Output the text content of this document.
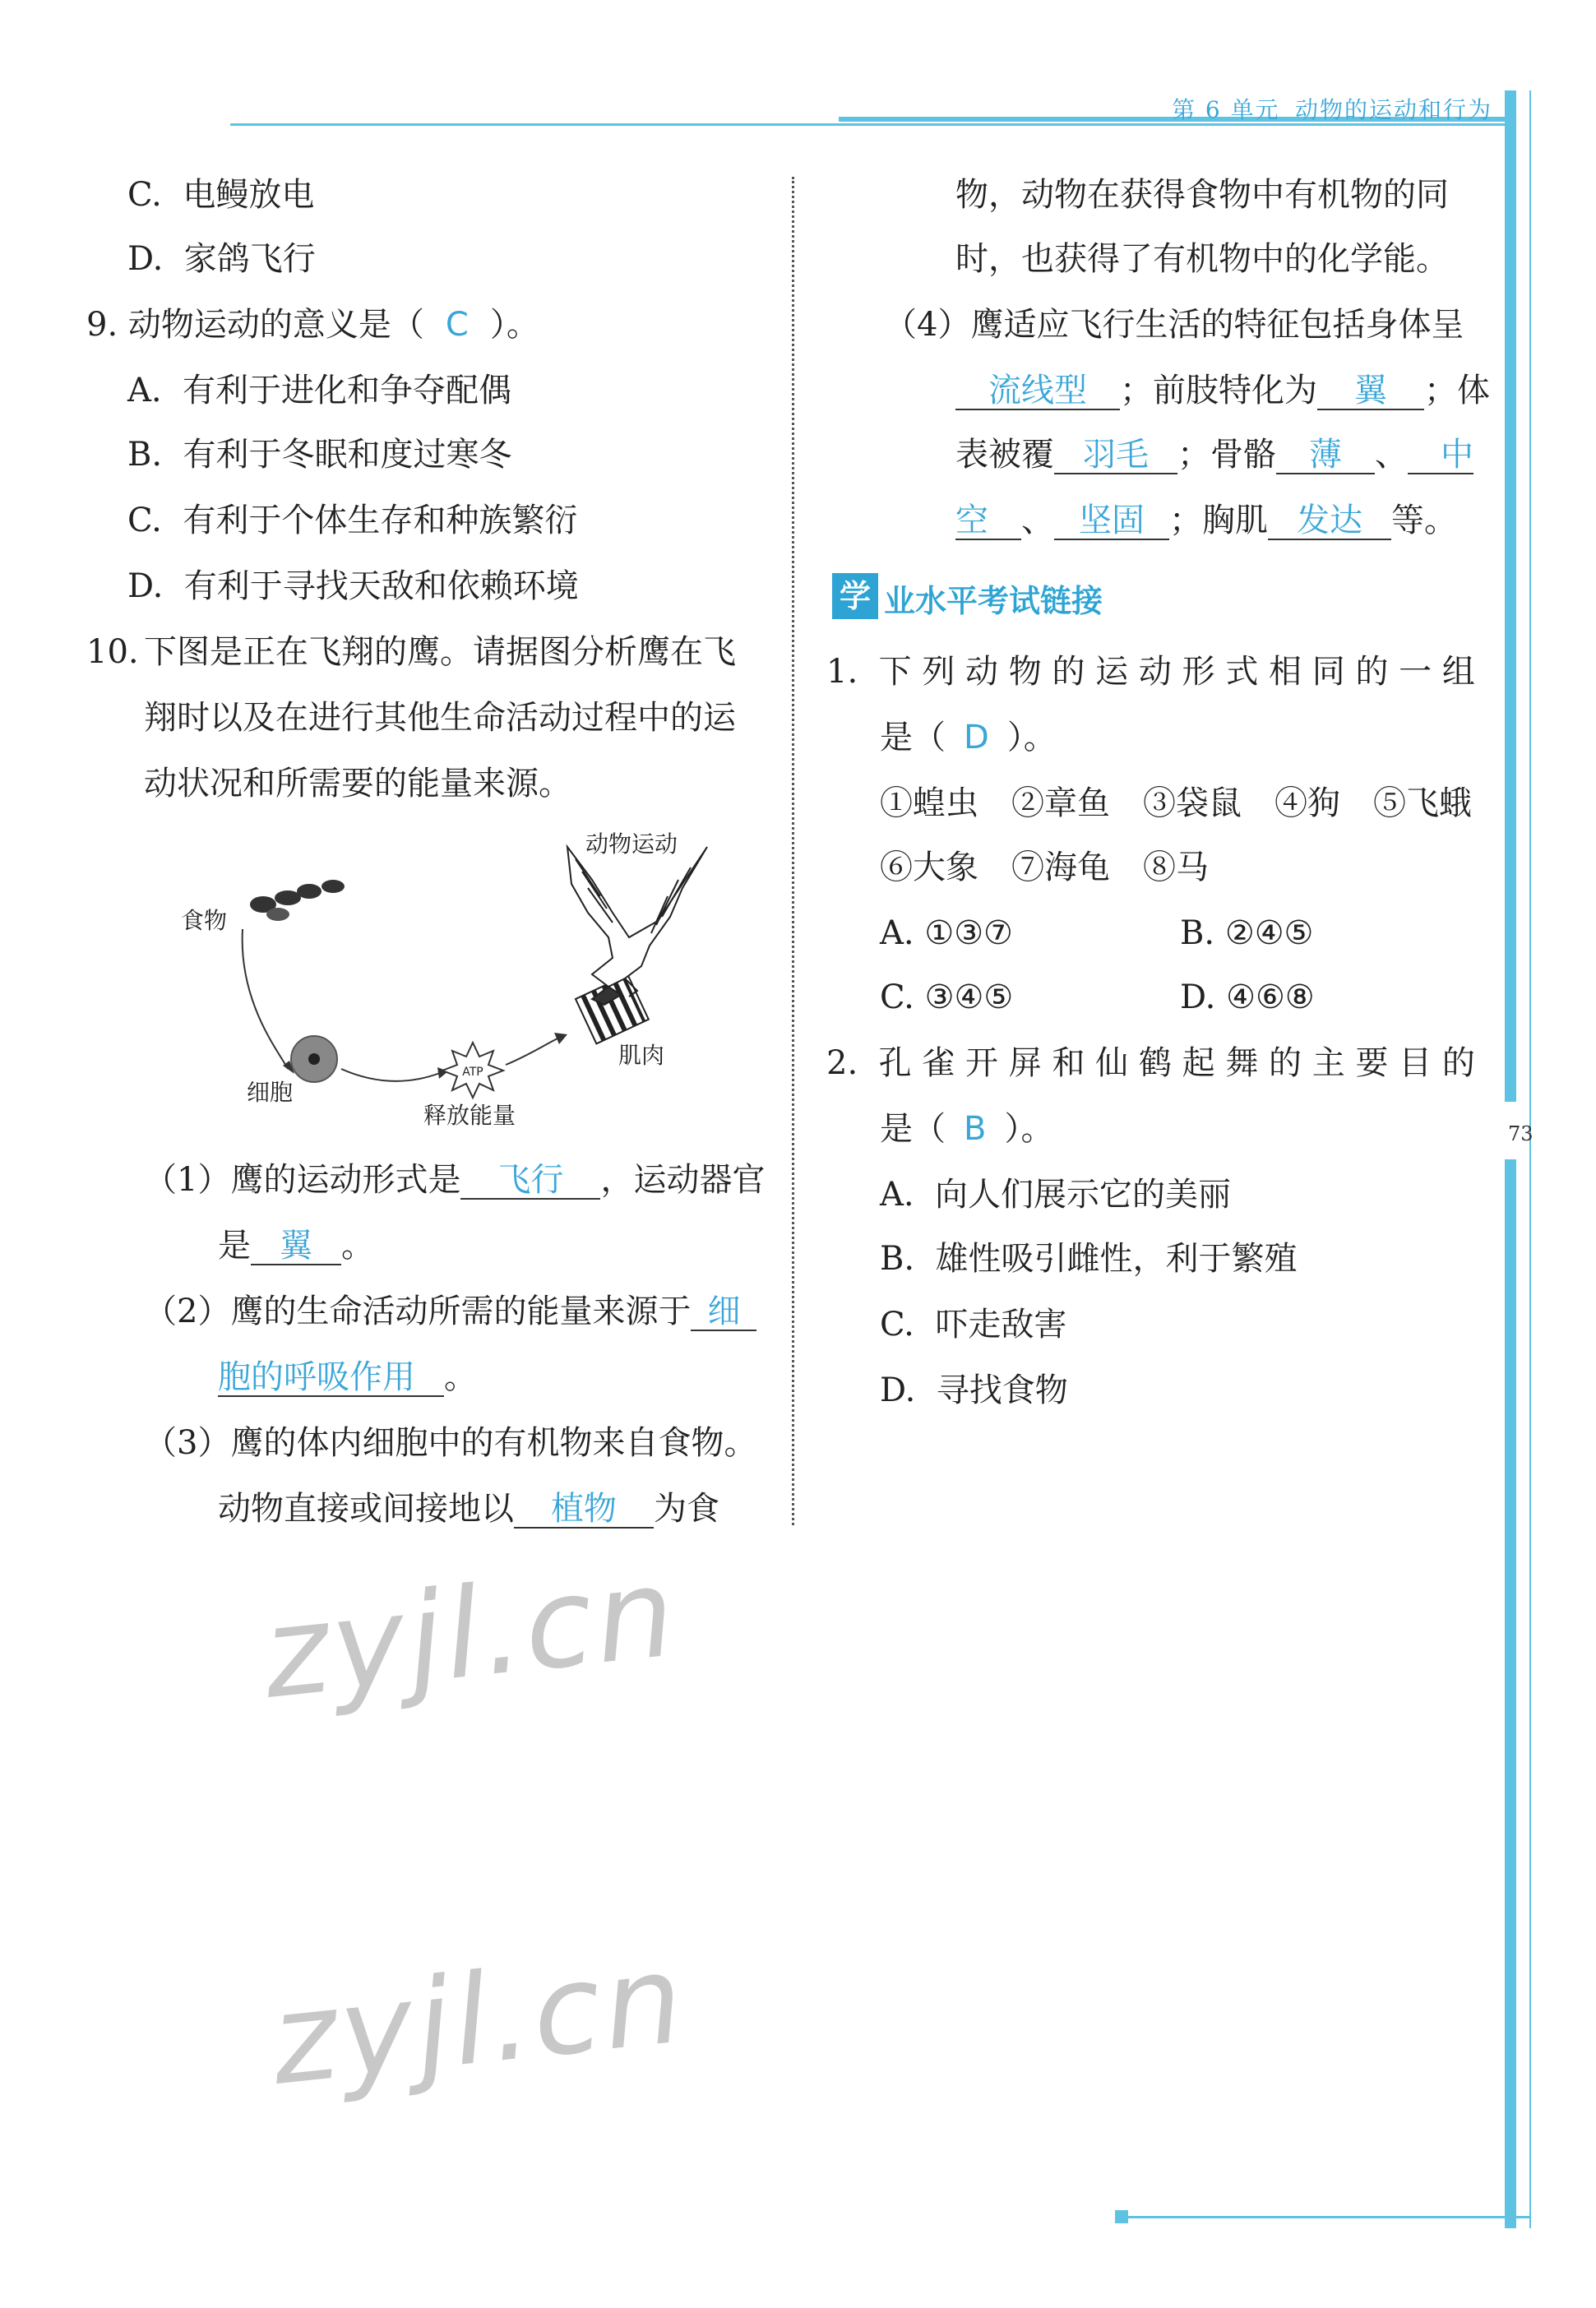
第 6 单元 动物的运动和行为
73
C. 电鳗放电
D. 家鸽飞行
9. 动物运动的意义是（ C ）。
A. 有利于进化和争夺配偶
B. 有利于冬眠和度过寒冬
C. 有利于个体生存和种族繁衍
D. 有利于寻找天敌和依赖环境
10. 下图是正在飞翔的鹰。请据图分析鹰在飞
翔时以及在进行其他生命活动过程中的运
动状况和所需要的能量来源。
ATP
食物
细胞
释放能量
肌肉
动物运动
（1）鹰的运动形式是 飞行 ，运动器官
是 翼 。
（2）鹰的生命活动所需的能量来源于 细
胞的呼吸作用 。
（3）鹰的体内细胞中的有机物来自食物。
动物直接或间接地以 植物 为食
物，动物在获得食物中有机物的同
时，也获得了有机物中的化学能。
（4）鹰适应飞行生活的特征包括身体呈
流线型 ；前肢特化为 翼 ；体
表被覆 羽毛 ；骨骼 薄 、 中
空 、 坚固 ；胸肌 发达 等。
学 业水平考试链接
1. 下 列 动 物 的 运 动 形 式 相 同 的 一 组
是（ D ）。
①蝗虫　②章鱼　③袋鼠　④狗　⑤飞蛾
⑥大象　⑦海龟　⑧马
A. ①③⑦	B. ②④⑤
C. ③④⑤	D. ④⑥⑧
2. 孔 雀 开 屏 和 仙 鹤 起 舞 的 主 要 目 的
是（ B ）。
A. 向人们展示它的美丽
B. 雄性吸引雌性，利于繁殖
C. 吓走敌害
D. 寻找食物
zyjl.cn
zyjl.cn
